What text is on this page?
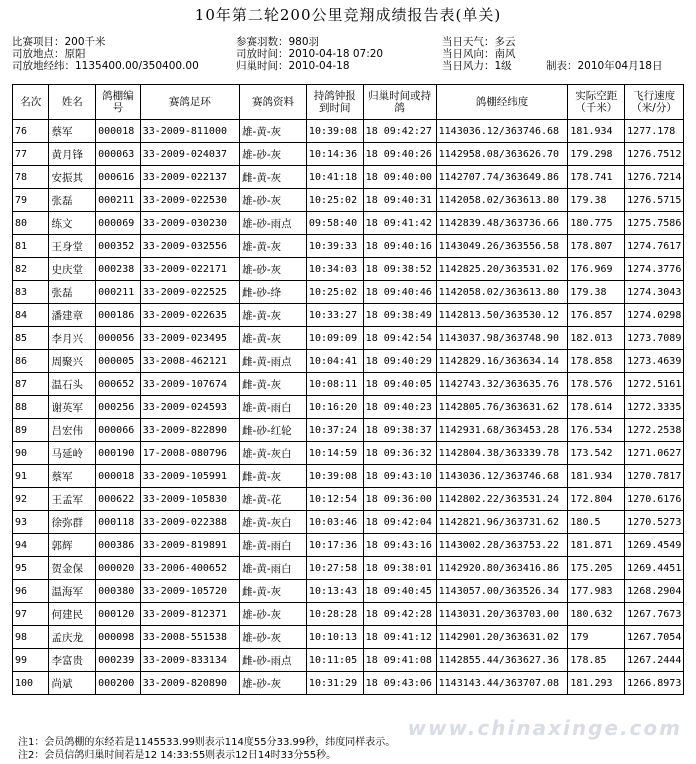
10年第二轮200公里竞翔成绩报告表(单关)
比赛项目：200千米
司放地点：原阳
司放地经纬：1135400.00/350400.00
参赛羽数：980羽
司放时间：2010-04-18 07:20
归巢时间：2010-04-18
当日天气：多云
当日风向：南风
当日风力：1级	制表：2010年04月18日
名次	姓名	鸽棚编号	赛鸽足环	赛鸽资料	持鸽钟报到时间	归巢时间或持鸽	鸽棚经纬度	实际空距（千米）	飞行速度（米/分）
76	蔡军	000018	33-2009-811000	雄-黄-灰	10:39:08	18 09:42:27	1143036.12/363746.68	181.934	1277.178
77	黄月锋	000063	33-2009-024037	雄-砂-灰	10:14:36	18 09:40:26	1142958.08/363626.70	179.298	1276.7512
78	安振其	000616	33-2009-022137	雌-黄-灰	10:41:18	18 09:40:00	1142707.74/363649.86	178.741	1276.7214
79	张磊	000211	33-2009-022530	雄-砂-灰	10:25:02	18 09:40:31	1142058.02/363613.80	179.38	1276.5715
80	练文	000069	33-2009-030230	雄-砂-雨点	09:58:40	18 09:41:42	1142839.48/363736.66	180.775	1275.7586
81	王身堂	000352	33-2009-032556	雄-黄-灰	10:39:33	18 09:40:16	1143049.26/363556.58	178.807	1274.7617
82	史庆堂	000238	33-2009-022171	雄-砂-灰	10:34:03	18 09:38:52	1142825.20/363531.02	176.969	1274.3776
83	张磊	000211	33-2009-022525	雌-砂-绛	10:25:02	18 09:40:46	1142058.02/363613.80	179.38	1274.3043
84	潘建章	000186	33-2009-022635	雄-黄-灰	10:33:27	18 09:38:49	1142813.50/363530.12	176.857	1274.0298
85	李月兴	000056	33-2009-023495	雄-黄-灰	10:09:09	18 09:42:54	1143037.98/363748.90	182.013	1273.7089
86	周聚兴	000005	33-2008-462121	雌-黄-雨点	10:04:41	18 09:40:29	1142829.16/363634.14	178.858	1273.4639
87	温石头	000652	33-2009-107674	雌-黄-灰	10:08:11	18 09:40:05	1142743.32/363635.76	178.576	1272.5161
88	谢英军	000256	33-2009-024593	雄-黄-雨白	10:16:20	18 09:40:23	1142805.76/363631.62	178.614	1272.3335
89	吕宏伟	000066	33-2009-822890	雌-砂-红轮	10:37:24	18 09:38:37	1142931.68/363453.28	176.534	1272.2538
90	马延岭	000190	17-2008-080796	雄-黄-灰白	10:14:59	18 09:36:32	1142804.38/363339.78	173.542	1271.0627
91	蔡军	000018	33-2009-105991	雌-黄-灰	10:39:08	18 09:43:10	1143036.12/363746.68	181.934	1270.7817
92	王孟军	000622	33-2009-105830	雄-黄-花	10:12:54	18 09:36:00	1142802.22/363531.24	172.804	1270.6176
93	徐弥群	000118	33-2009-022388	雄-黄-灰白	10:03:46	18 09:42:04	1142821.96/363731.62	180.5	1270.5273
94	郭辉	000386	33-2009-819891	雄-黄-雨白	10:17:36	18 09:43:16	1143002.28/363753.22	181.871	1269.4549
95	贺金保	000020	33-2006-400652	雄-黄-雨白	10:27:58	18 09:38:01	1142920.80/363416.86	175.205	1269.4451
96	温海军	000380	33-2009-105720	雌-黄-灰	10:13:43	18 09:40:45	1143057.00/363526.34	177.983	1268.2904
97	何建民	000120	33-2009-812371	雄-砂-灰	10:28:28	18 09:42:28	1143031.20/363703.00	180.632	1267.7673
98	孟庆龙	000098	33-2008-551538	雄-砂-灰	10:10:13	18 09:41:12	1142901.20/363631.02	179	1267.7054
99	李富贵	000239	33-2009-833134	雌-砂-雨点	10:11:05	18 09:41:08	1142855.44/363627.36	178.85	1267.2444
100	尚斌	000200	33-2009-820890	雄-砂-灰	10:31:29	18 09:43:06	1143143.44/363707.08	181.293	1266.8973
www.chinaxinge.com
注1：会员鸽棚的东经若是1145533.99则表示114度55分33.99秒，纬度同样表示。
注2：会员信鸽归巢时间若是12 14:33:55则表示12日14时33分55秒。
